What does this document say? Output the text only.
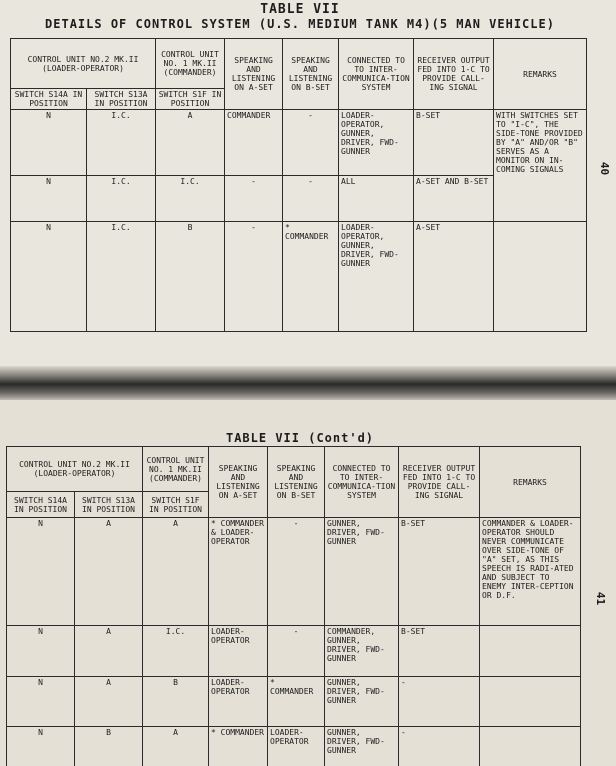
TABLE VII
DETAILS OF CONTROL SYSTEM (U.S. MEDIUM TANK M4)(5 MAN VEHICLE)
CONTROL UNIT NO.2 MK.II (LOADER-OPERATOR)		CONTROL UNIT NO. 1 MK.II (COMMANDER)	SPEAKING AND LISTENING ON A-SET	SPEAKING AND LISTENING ON B-SET	CONNECTED TO TO INTER-COMMUNICA-TION SYSTEM	RECEIVER OUTPUT FED INTO 1-C TO PROVIDE CALL-ING SIGNAL	REMARKS
SWITCH S14A IN POSITION	SWITCH S13A IN POSITION	SWITCH S1F IN POSITION					
N	I.C.	A	COMMANDER	-	LOADER-OPERATOR, GUNNER, DRIVER, FWD-GUNNER	B-SET	WITH SWITCHES SET TO "I-C", THE SIDE-TONE PROVIDED BY "A" AND/OR "B" SERVES AS A MONITOR ON IN-COMING SIGNALS
N	I.C.	I.C.	-	-	ALL	A-SET AND B-SET	
N	I.C.	B	-	* COMMANDER	LOADER-OPERATOR, GUNNER, DRIVER, FWD-GUNNER	A-SET	
40
TABLE VII (Cont'd)
CONTROL UNIT NO.2 MK.II (LOADER-OPERATOR)		CONTROL UNIT NO. 1 MK.II (COMMANDER)	SPEAKING AND LISTENING ON A-SET	SPEAKING AND LISTENING ON B-SET	CONNECTED TO TO INTER-COMMUNICA-TION SYSTEM	RECEIVER OUTPUT FED INTO 1-C TO PROVIDE CALL-ING SIGNAL	REMARKS
SWITCH S14A IN POSITION	SWITCH S13A IN POSITION	SWITCH S1F IN POSITION					
N	A	A	* COMMANDER & LOADER-OPERATOR	-	GUNNER, DRIVER, FWD-GUNNER	B-SET	COMMANDER & LOADER-OPERATOR SHOULD NEVER COMMUNICATE OVER SIDE-TONE OF "A" SET, AS THIS SPEECH IS RADI-ATED AND SUBJECT TO ENEMY INTER-CEPTION OR D.F.
N	A	I.C.	LOADER-OPERATOR	-	COMMANDER, GUNNER, DRIVER, FWD-GUNNER	B-SET	
N	A	B	LOADER-OPERATOR	* COMMANDER	GUNNER, DRIVER, FWD-GUNNER	-	
N	B	A	* COMMANDER	LOADER-OPERATOR	GUNNER, DRIVER, FWD-GUNNER	-	
41
